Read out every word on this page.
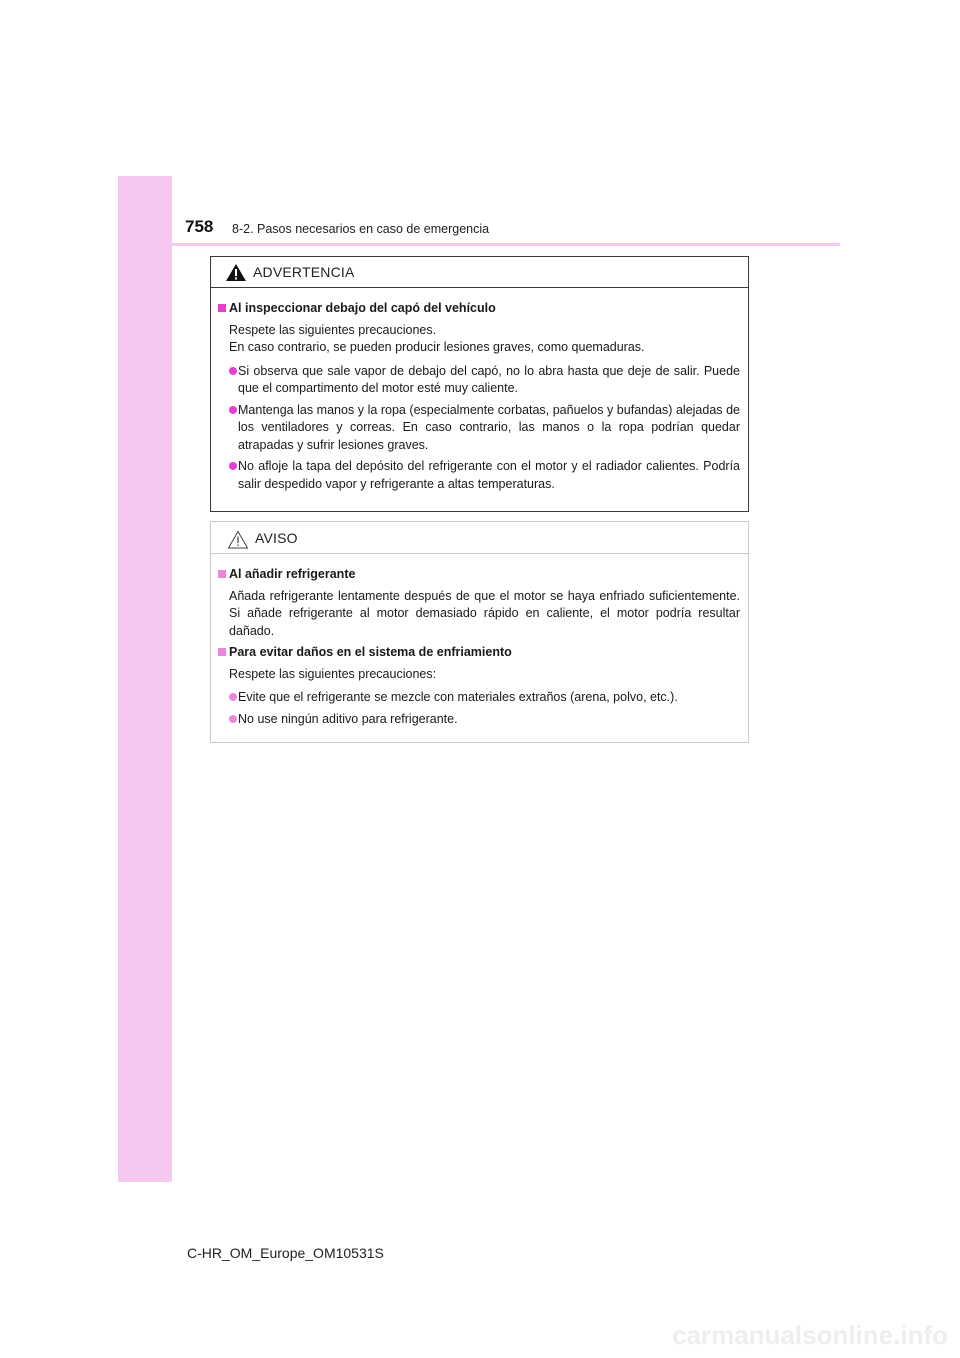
758 8-2. Pasos necesarios en caso de emergencia
ADVERTENCIA
Al inspeccionar debajo del capó del vehículo
Respete las siguientes precauciones.
En caso contrario, se pueden producir lesiones graves, como quemaduras.
Si observa que sale vapor de debajo del capó, no lo abra hasta que deje de salir. Puede que el compartimento del motor esté muy caliente.
Mantenga las manos y la ropa (especialmente corbatas, pañuelos y bufandas) alejadas de los ventiladores y correas. En caso contrario, las manos o la ropa podrían quedar atrapadas y sufrir lesiones graves.
No afloje la tapa del depósito del refrigerante con el motor y el radiador calientes. Podría salir despedido vapor y refrigerante a altas temperaturas.
AVISO
Al añadir refrigerante
Añada refrigerante lentamente después de que el motor se haya enfriado suficientemente. Si añade refrigerante al motor demasiado rápido en caliente, el motor podría resultar dañado.
Para evitar daños en el sistema de enfriamiento
Respete las siguientes precauciones:
Evite que el refrigerante se mezcle con materiales extraños (arena, polvo, etc.).
No use ningún aditivo para refrigerante.
C-HR_OM_Europe_OM10531S
carmanualsonline.info
